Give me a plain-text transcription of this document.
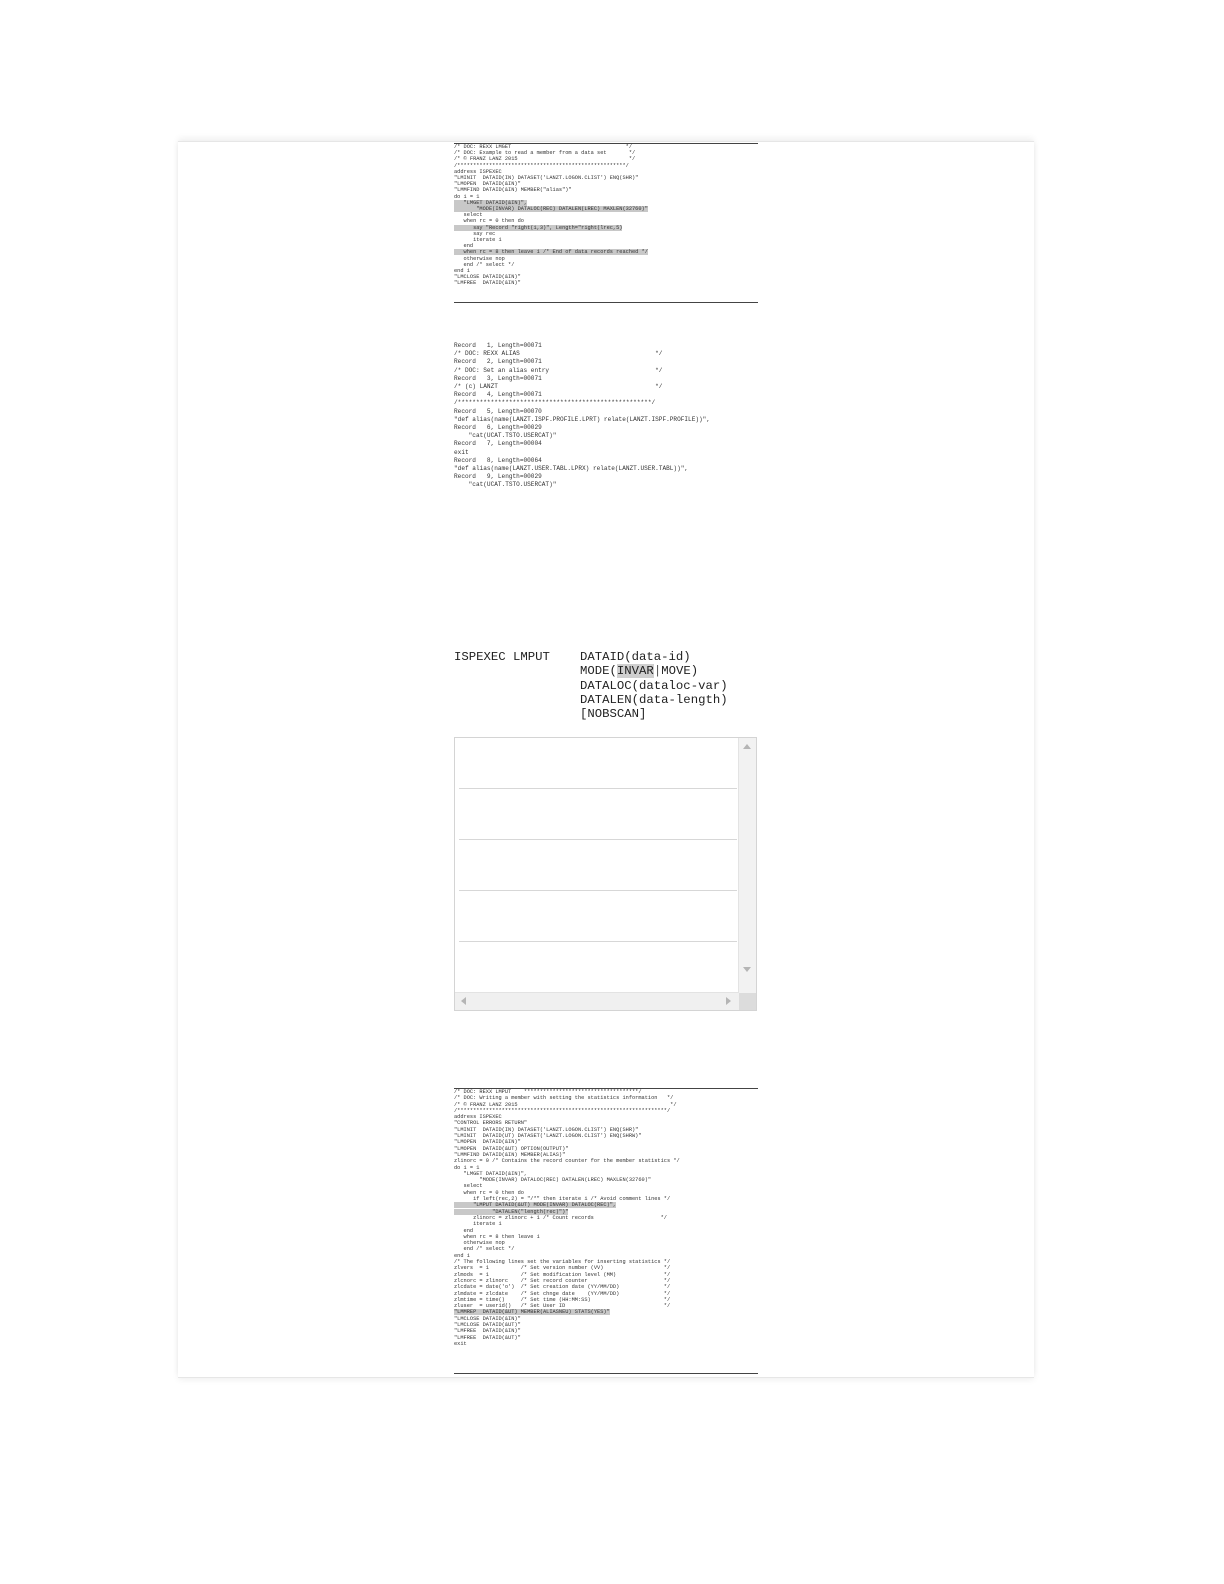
/* DOC: REXX LMGET                                    */
/* DOC: Example to read a member from a data set       */
/* © FRANZ LANZ 2015                                   */
/*****************************************************/
address ISPEXEC
"LMINIT  DATAID(IN) DATASET('LANZT.LOGON.CLIST') ENQ(SHR)"
"LMOPEN  DATAID(&IN)"
"LMMFIND DATAID(&IN) MEMBER("alias")"
do i = 1
"LMGET DATAID(&IN)",
"MODE(INVAR) DATALOC(REC) DATALEN(LREC) MAXLEN(32760)"
select
when rc = 0 then do
say "Record "right(i,3)", Length="right(lrec,5)
say rec
iterate i
end
when rc = 8 then leave i /* End of data records reached */
otherwise nop
end /* select */
end i
"LMCLOSE DATAID(&IN)"
"LMFREE  DATAID(&IN)"

Record   1, Length=00071
/* DOC: REXX ALIAS                                     */
Record   2, Length=00071
/* DOC: Set an alias entry                             */
Record   3, Length=00071
/* (c) LANZT                                           */
Record   4, Length=00071
/*****************************************************/
Record   5, Length=00070
"def alias(name(LANZT.ISPF.PROFILE.LPRT) relate(LANZT.ISPF.PROFILE))",
Record   6, Length=00029
"cat(UCAT.TSTO.USERCAT)"
Record   7, Length=00004
exit
Record   8, Length=00064
"def alias(name(LANZT.USER.TABL.LPRX) relate(LANZT.USER.TABL))",
Record   9, Length=00029
"cat(UCAT.TSTO.USERCAT)"

ISPEXEC LMPUT DATAID(data-id)
MODE(INVAR|MOVE)
DATALOC(dataloc-var)
DATALEN(data-length)
[NOBSCAN]
/* DOC: REXX LMPUT    ************************************/
/* DOC: Writing a member with setting the statistics information   */
/* © FRANZ LANZ 2015                                                */
/******************************************************************/
address ISPEXEC
"CONTROL ERRORS RETURN"
"LMINIT  DATAID(IN) DATASET('LANZT.LOGON.CLIST') ENQ(SHR)"
"LMINIT  DATAID(UT) DATASET('LANZT.LOGON.CLIST') ENQ(SHRW)"
"LMOPEN  DATAID(&IN)"
"LMOPEN  DATAID(&UT) OPTION(OUTPUT)"
"LMMFIND DATAID(&IN) MEMBER(ALIAS)"
zlinorc = 0 /* Contains the record counter for the member statistics */
do i = 1
"LMGET DATAID(&IN)",
"MODE(INVAR) DATALOC(REC) DATALEN(LREC) MAXLEN(32760)"
select
when rc = 0 then do
if left(rec,2) = "/*" then iterate i /* Avoid comment lines */
"LMPUT DATAID(&UT) MODE(INVAR) DATALOC(REC)",
"DATALEN("length(rec)")"
zlinorc = zlinorc + 1 /* Count records                     */
iterate i
end
when rc = 8 then leave i
otherwise nop
end /* select */
end i
/* The following lines set the variables for inserting statistics */
zlvers  = 1          /* Set version number (VV)                   */
zlmods  = 1          /* Set modification level (MM)               */
zlcnorc = zlinorc    /* Set record counter                        */
zlcdate = date('o')  /* Set creation date (YY/MM/DD)              */
zlmdate = zlcdate    /* Set chnge date    (YY/MM/DD)              */
zlmtime = time()     /* Set time (HH:MM:SS)                       */
zluser  = userid()   /* Set User ID                               */
"LMMREP  DATAID(&UT) MEMBER(ALIASNEU) STATS(YES)"
"LMCLOSE DATAID(&IN)"
"LMCLOSE DATAID(&UT)"
"LMFREE  DATAID(&IN)"
"LMFREE  DATAID(&UT)"
exit
